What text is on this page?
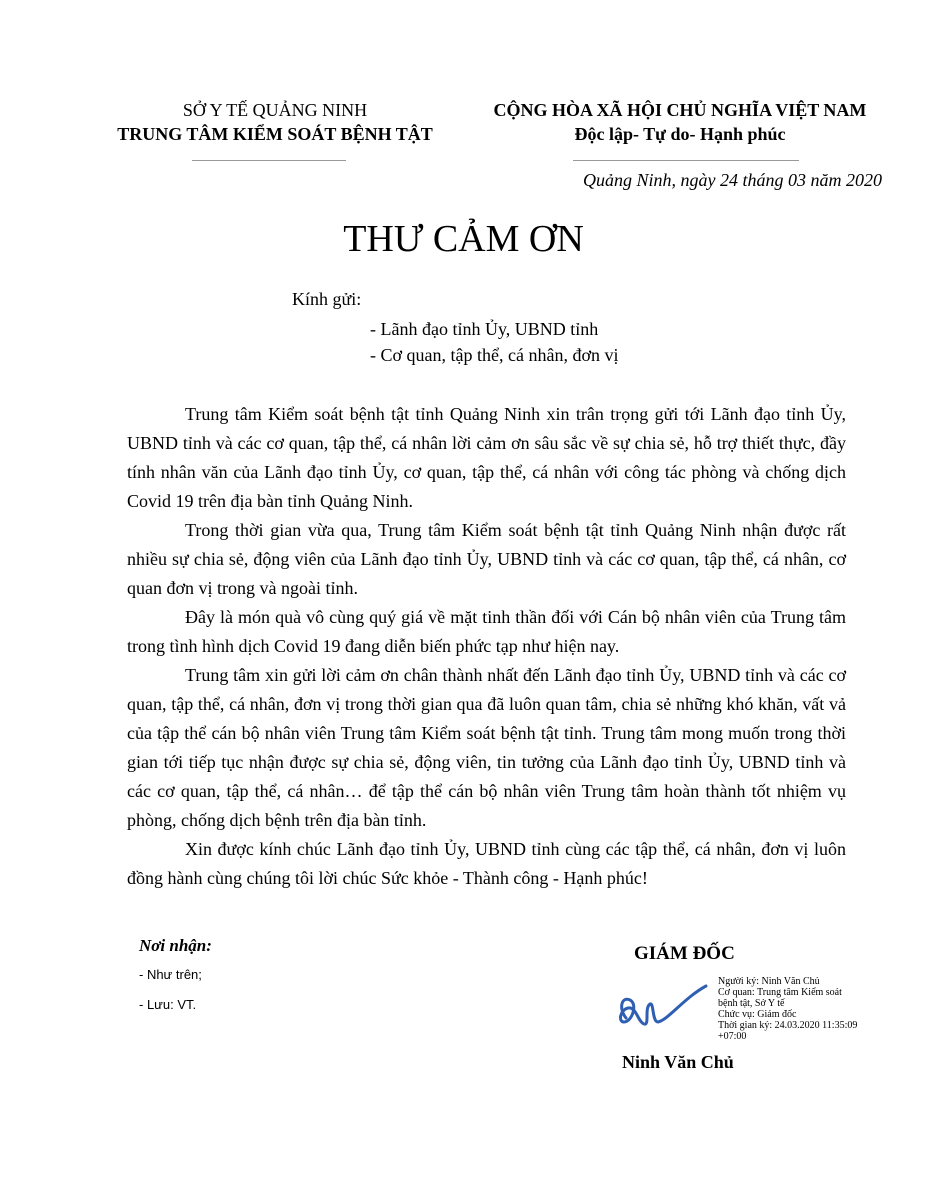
SỞ Y TẾ QUẢNG NINH
TRUNG TÂM KIỂM SOÁT BỆNH TẬT
CỘNG HÒA XÃ HỘI CHỦ NGHĨA VIỆT NAM
Độc lập- Tự do- Hạnh phúc
Quảng Ninh, ngày 24 tháng 03 năm 2020
THƯ CẢM ƠN
Kính gửi:
- Lãnh đạo tỉnh Ủy, UBND tỉnh
- Cơ quan, tập thể, cá nhân, đơn vị

Trung tâm Kiểm soát bệnh tật tỉnh Quảng Ninh xin trân trọng gửi tới Lãnh đạo tỉnh Ủy, UBND tỉnh và các cơ quan, tập thể, cá nhân lời cảm ơn sâu sắc về sự chia sẻ, hỗ trợ thiết thực, đầy tính nhân văn của Lãnh đạo tỉnh Ủy, cơ quan, tập thể, cá nhân với công tác phòng và chống dịch Covid 19 trên địa bàn tỉnh Quảng Ninh.

Trong thời gian vừa qua, Trung tâm Kiểm soát bệnh tật tỉnh Quảng Ninh nhận được rất nhiều sự chia sẻ, động viên của Lãnh đạo tỉnh Ủy, UBND tỉnh và các cơ quan, tập thể, cá nhân, cơ quan đơn vị trong và ngoài tỉnh.

Đây là món quà vô cùng quý giá về mặt tinh thần đối với Cán bộ nhân viên của Trung tâm trong tình hình dịch Covid 19 đang diễn biến phức tạp như hiện nay.

Trung tâm xin gửi lời cảm ơn chân thành nhất đến Lãnh đạo tỉnh Ủy, UBND tỉnh và các cơ quan, tập thể, cá nhân, đơn vị trong thời gian qua đã luôn quan tâm, chia sẻ những khó khăn, vất vả của tập thể cán bộ nhân viên Trung tâm Kiểm soát bệnh tật tỉnh. Trung tâm mong muốn trong thời gian tới tiếp tục nhận được sự chia sẻ, động viên, tin tưởng của Lãnh đạo tỉnh Ủy, UBND tỉnh và các cơ quan, tập thể, cá nhân… để tập thể cán bộ nhân viên Trung tâm hoàn thành tốt nhiệm vụ phòng, chống dịch bệnh trên địa bàn tỉnh.

Xin được kính chúc Lãnh đạo tỉnh Ủy, UBND tỉnh cùng các tập thể, cá nhân, đơn vị luôn đồng hành cùng chúng tôi lời chúc Sức khỏe - Thành công - Hạnh phúc!

Nơi nhận:
- Như trên;
- Lưu: VT.
GIÁM ĐỐC
Người ký: Ninh Văn Chủ
Cơ quan: Trung tâm Kiểm soát bệnh tật, Sở Y tế
Chức vụ: Giám đốc
Thời gian ký: 24.03.2020 11:35:09 +07:00
Ninh Văn Chủ
